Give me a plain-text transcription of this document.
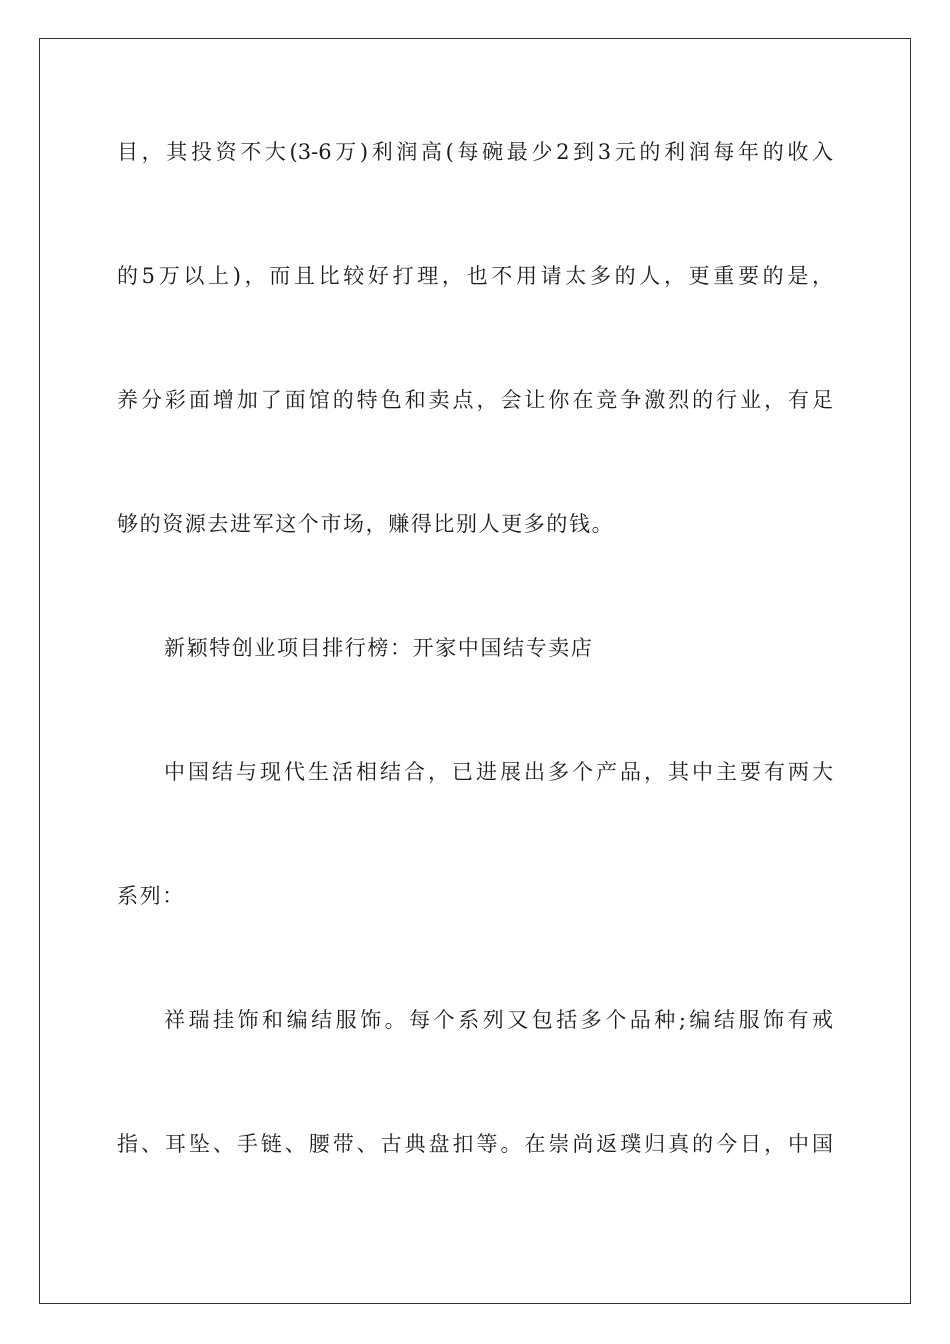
目，其投资不大(3-6万)利润高(每碗最少2到3元的利润每年的收入
的5万以上)，而且比较好打理，也不用请太多的人，更重要的是，
养分彩面增加了面馆的特色和卖点，会让你在竞争激烈的行业，有足
够的资源去进军这个市场，赚得比别人更多的钱。
新颖特创业项目排行榜：开家中国结专卖店
中国结与现代生活相结合，已进展出多个产品，其中主要有两大
系列：
祥瑞挂饰和编结服饰。每个系列又包括多个品种;编结服饰有戒
指、耳坠、手链、腰带、古典盘扣等。在崇尚返璞归真的今日，中国
